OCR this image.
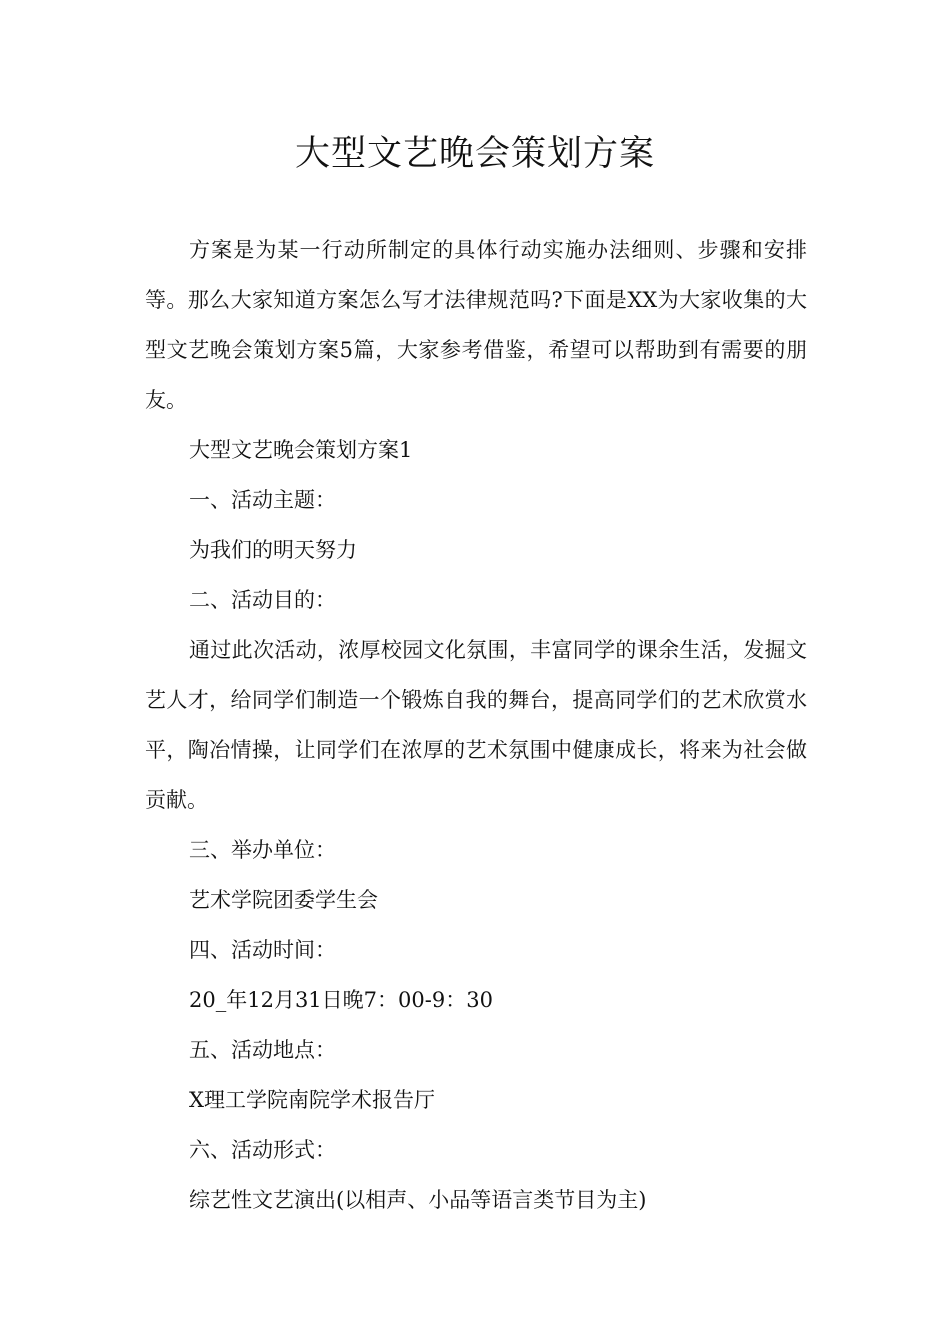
大型文艺晚会策划方案

方案是为某一行动所制定的具体行动实施办法细则、步骤和安排等。那么大家知道方案怎么写才法律规范吗?下面是XX为大家收集的大型文艺晚会策划方案5篇，大家参考借鉴，希望可以帮助到有需要的朋友。

大型文艺晚会策划方案1

一、活动主题：

为我们的明天努力

二、活动目的：

通过此次活动，浓厚校园文化氛围，丰富同学的课余生活，发掘文艺人才，给同学们制造一个锻炼自我的舞台，提高同学们的艺术欣赏水平，陶冶情操，让同学们在浓厚的艺术氛围中健康成长，将来为社会做贡献。

三、举办单位：

艺术学院团委学生会

四、活动时间：

20_年12月31日晚7：00-9：30

五、活动地点：

X理工学院南院学术报告厅

六、活动形式：

综艺性文艺演出(以相声、小品等语言类节目为主)
